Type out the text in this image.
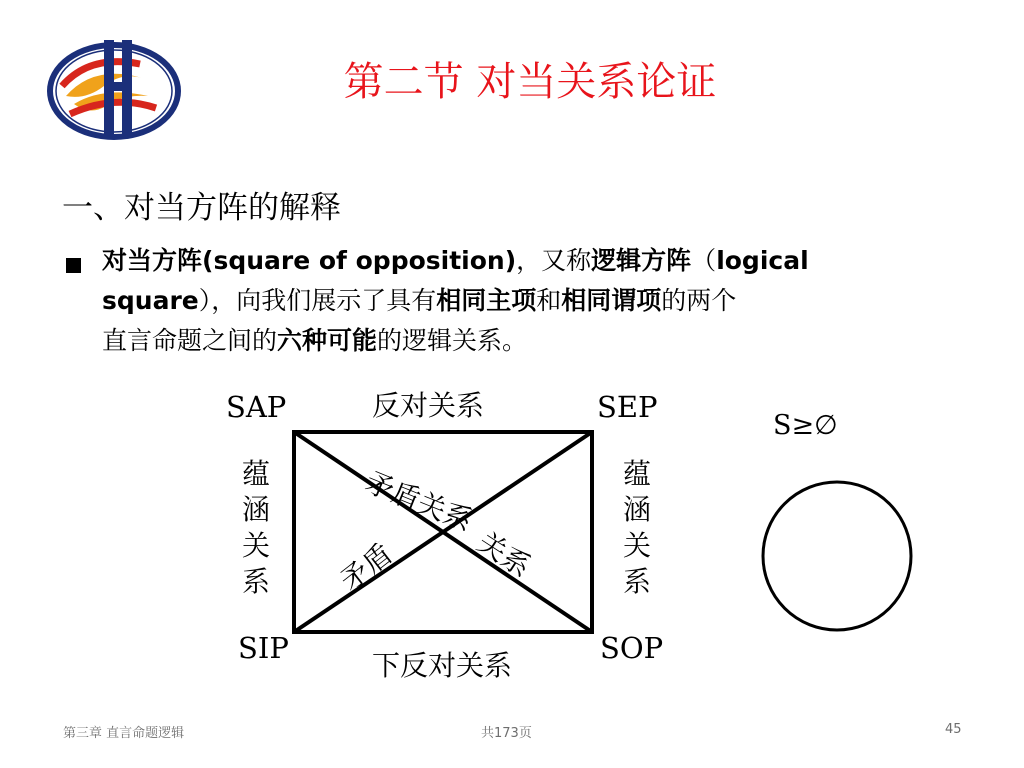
第二节 对当关系论证
一、对当方阵的解释
对当方阵(square of opposition)，又称逻辑方阵（logical
square），向我们展示了具有相同主项和相同谓项的两个
直言命题之间的六种可能的逻辑关系。
SAP	SEP
SIP	SOP
反对关系
下反对关系
蕴
涵
关
系
蕴
涵
关
系
矛盾关系
矛盾	关系
S≥∅
第三章 直言命题逻辑	共173页	45
